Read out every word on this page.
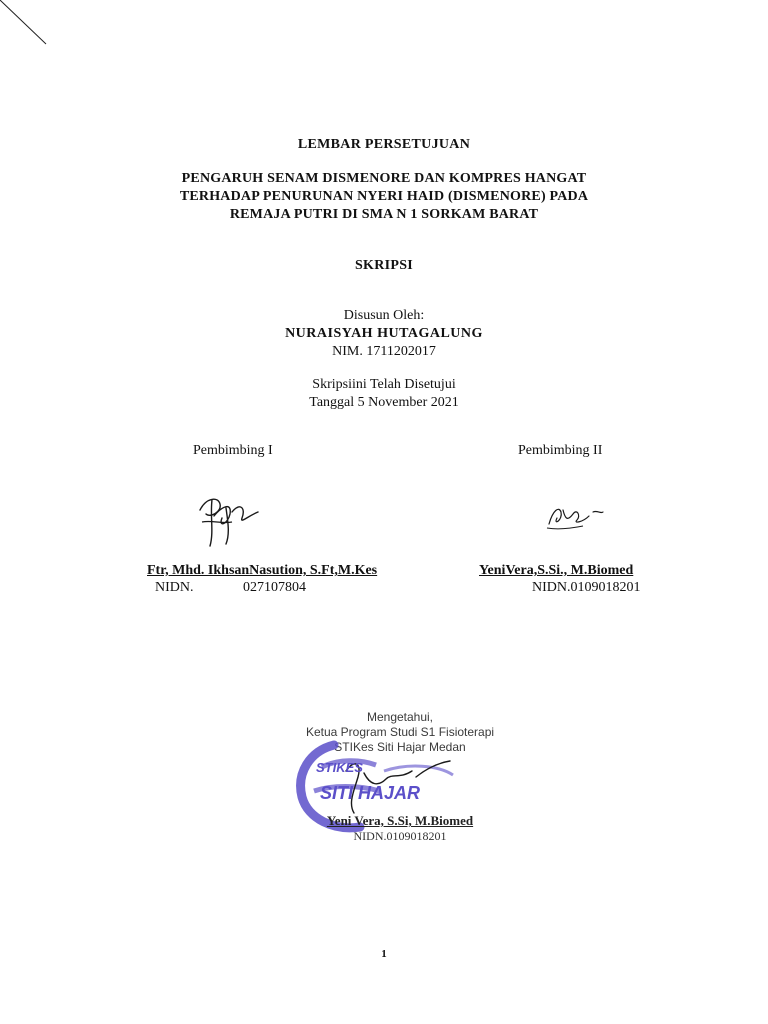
LEMBAR PERSETUJUAN
PENGARUH SENAM DISMENORE DAN KOMPRES HANGAT
TERHADAP PENURUNAN NYERI HAID (DISMENORE) PADA
REMAJA PUTRI DI SMA N 1 SORKAM BARAT
SKRIPSI
Disusun Oleh:
NURAISYAH HUTAGALUNG
NIM. 1711202017
Skripsiini Telah Disetujui
Tanggal 5 November 2021
Pembimbing I	Pembimbing II
Ftr, Mhd. IkhsanNasution, S.Ft,M.Kes	YeniVera,S.Si., M.Biomed
NIDN.	027107804	NIDN.0109018201
Mengetahui,
Ketua Program Studi S1 Fisioterapi
STIKes Siti Hajar Medan
STIKES
SITI HAJAR
Yeni Vera, S.Si, M.Biomed
NIDN.0109018201
1
